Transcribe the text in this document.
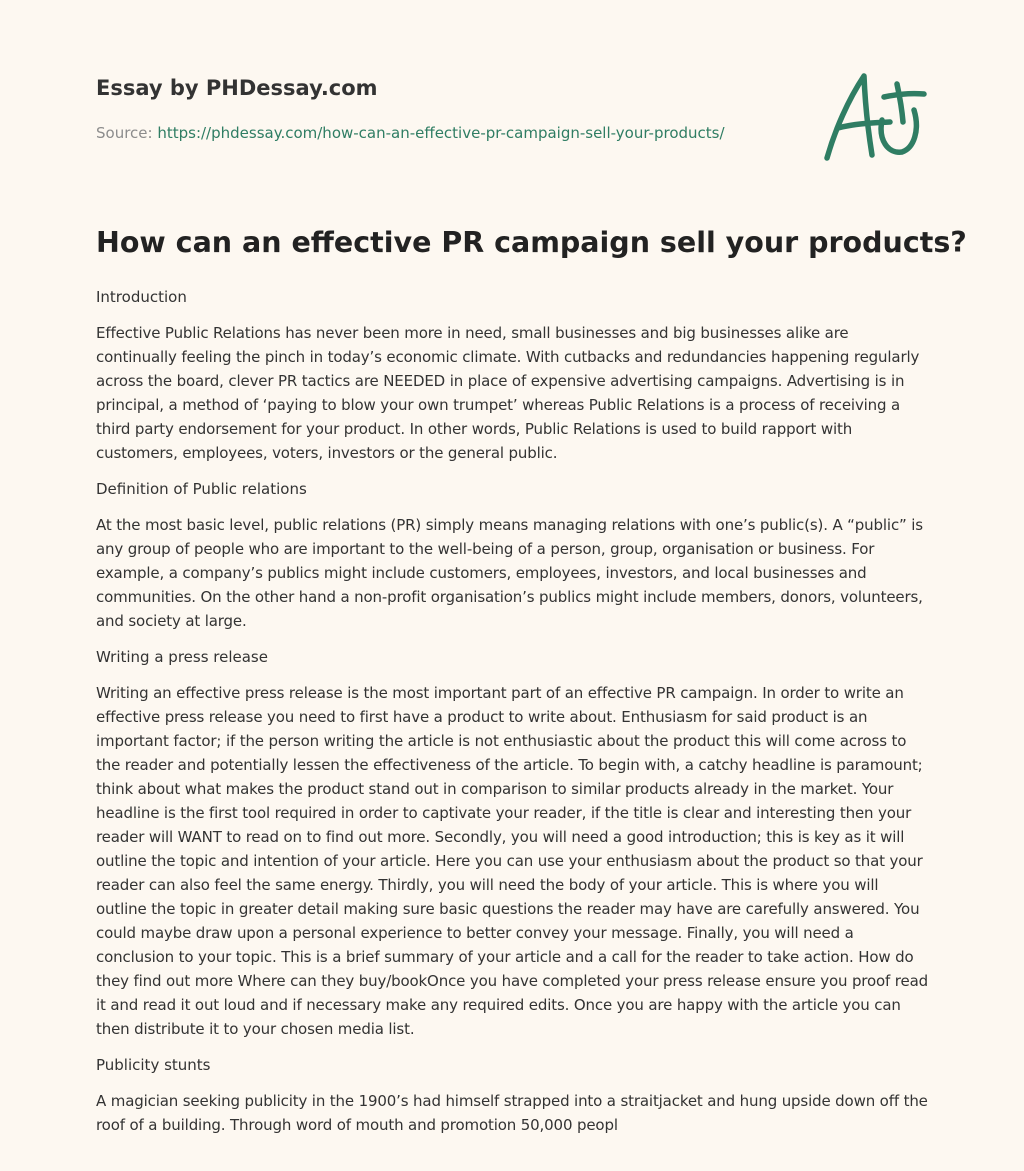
Essay by PHDessay.com
Source: https://phdessay.com/how-can-an-effective-pr-campaign-sell-your-products/
How can an effective PR campaign sell your products?

Introduction

Effective Public Relations has never been more in need, small businesses and big businesses alike are continually feeling the pinch in today’s economic climate. With cutbacks and redundancies happening regularly across the board, clever PR tactics are NEEDED in place of expensive advertising campaigns. Advertising is in principal, a method of ‘paying to blow your own trumpet’ whereas Public Relations is a process of receiving a third party endorsement for your product. In other words, Public Relations is used to build rapport with customers, employees, voters, investors or the general public.

Definition of Public relations

At the most basic level, public relations (PR) simply means managing relations with one’s public(s). A “public” is any group of people who are important to the well-being of a person, group, organisation or business. For example, a company’s publics might include customers, employees, investors, and local businesses and communities. On the other hand a non-profit organisation’s publics might include members, donors, volunteers, and society at large.

Writing a press release

Writing an effective press release is the most important part of an effective PR campaign. In order to write an effective press release you need to first have a product to write about. Enthusiasm for said product is an important factor; if the person writing the article is not enthusiastic about the product this will come across to the reader and potentially lessen the effectiveness of the article. To begin with, a catchy headline is paramount; think about what makes the product stand out in comparison to similar products already in the market. Your headline is the first tool required in order to captivate your reader, if the title is clear and interesting then your reader will WANT to read on to find out more. Secondly, you will need a good introduction; this is key as it will outline the topic and intention of your article. Here you can use your enthusiasm about the product so that your reader can also feel the same energy. Thirdly, you will need the body of your article. This is where you will outline the topic in greater detail making sure basic questions the reader may have are carefully answered. You could maybe draw upon a personal experience to better convey your message. Finally, you will need a conclusion to your topic. This is a brief summary of your article and a call for the reader to take action. How do they find out more Where can they buy/bookOnce you have completed your press release ensure you proof read it and read it out loud and if necessary make any required edits. Once you are happy with the article you can then distribute it to your chosen media list.

Publicity stunts

A magician seeking publicity in the 1900’s had himself strapped into a straitjacket and hung upside down off the roof of a building. Through word of mouth and promotion 50,000 peopl
